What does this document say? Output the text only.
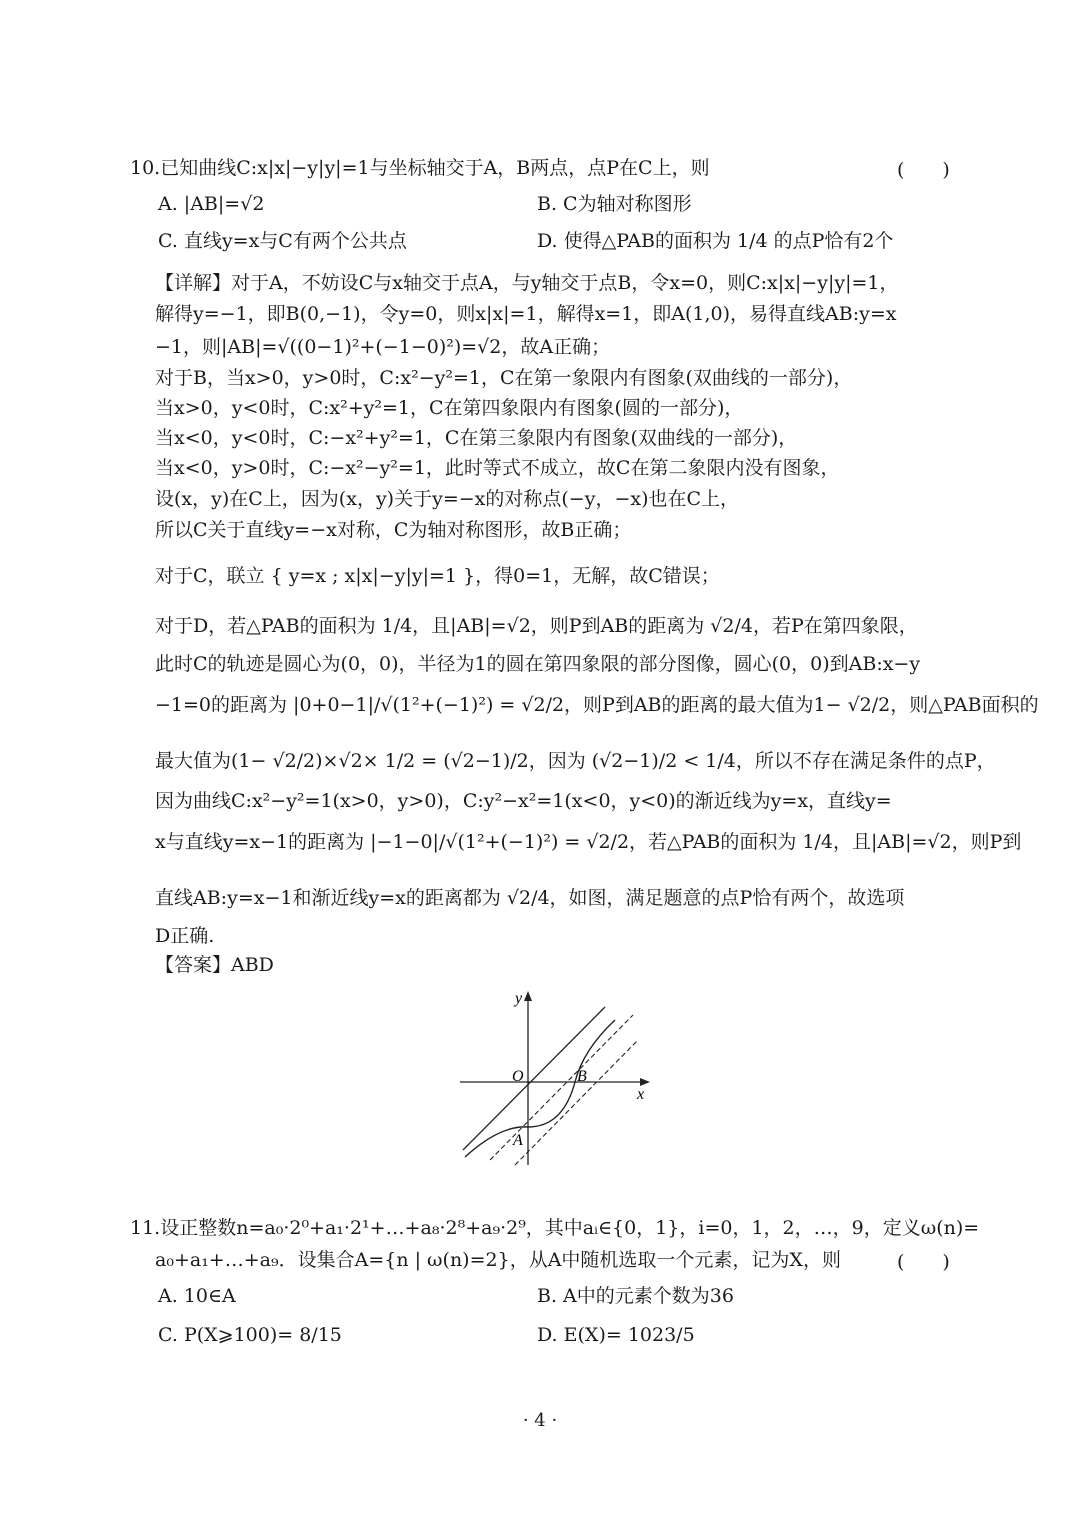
10.已知曲线C:x|x|−y|y|=1与坐标轴交于A，B两点，点P在C上，则	(　　)
A. |AB|=√2	B. C为轴对称图形
C. 直线y=x与C有两个公共点	D. 使得△PAB的面积为 1/4 的点P恰有2个
【详解】对于A，不妨设C与x轴交于点A，与y轴交于点B，令x=0，则C:x|x|−y|y|=1，
解得y=−1，即B(0,−1)，令y=0，则x|x|=1，解得x=1，即A(1,0)，易得直线AB:y=x
−1，则|AB|=√((0−1)²+(−1−0)²)=√2，故A正确；
对于B，当x>0，y>0时，C:x²−y²=1，C在第一象限内有图象(双曲线的一部分)，
当x>0，y<0时，C:x²+y²=1，C在第四象限内有图象(圆的一部分)，
当x<0，y<0时，C:−x²+y²=1，C在第三象限内有图象(双曲线的一部分)，
当x<0，y>0时，C:−x²−y²=1，此时等式不成立，故C在第二象限内没有图象，
设(x，y)在C上，因为(x，y)关于y=−x的对称点(−y，−x)也在C上，
所以C关于直线y=−x对称，C为轴对称图形，故B正确；
对于C，联立 { y=x ; x|x|−y|y|=1 }，得0=1，无解，故C错误；
对于D，若△PAB的面积为 1/4，且|AB|=√2，则P到AB的距离为 √2/4，若P在第四象限，
此时C的轨迹是圆心为(0，0)，半径为1的圆在第四象限的部分图像，圆心(0，0)到AB:x−y
−1=0的距离为 |0+0−1|/√(1²+(−1)²) = √2/2，则P到AB的距离的最大值为1− √2/2，则△PAB面积的
最大值为(1− √2/2)×√2× 1/2 = (√2−1)/2，因为 (√2−1)/2 < 1/4，所以不存在满足条件的点P，
因为曲线C:x²−y²=1(x>0，y>0)，C:y²−x²=1(x<0，y<0)的渐近线为y=x，直线y=
x与直线y=x−1的距离为 |−1−0|/√(1²+(−1)²) = √2/2，若△PAB的面积为 1/4，且|AB|=√2，则P到
直线AB:y=x−1和渐近线y=x的距离都为 √2/4，如图，满足题意的点P恰有两个，故选项
D正确.
【答案】ABD
y
x
O	B
A
11.设正整数n=a₀·2⁰+a₁·2¹+…+a₈·2⁸+a₉·2⁹，其中aᵢ∈{0，1}，i=0，1，2，…，9，定义ω(n)=
a₀+a₁+…+a₉．设集合A={n | ω(n)=2}，从A中随机选取一个元素，记为X，则	(　　)
A. 10∈A	B. A中的元素个数为36
C. P(X⩾100)= 8/15	D. E(X)= 1023/5
· 4 ·
